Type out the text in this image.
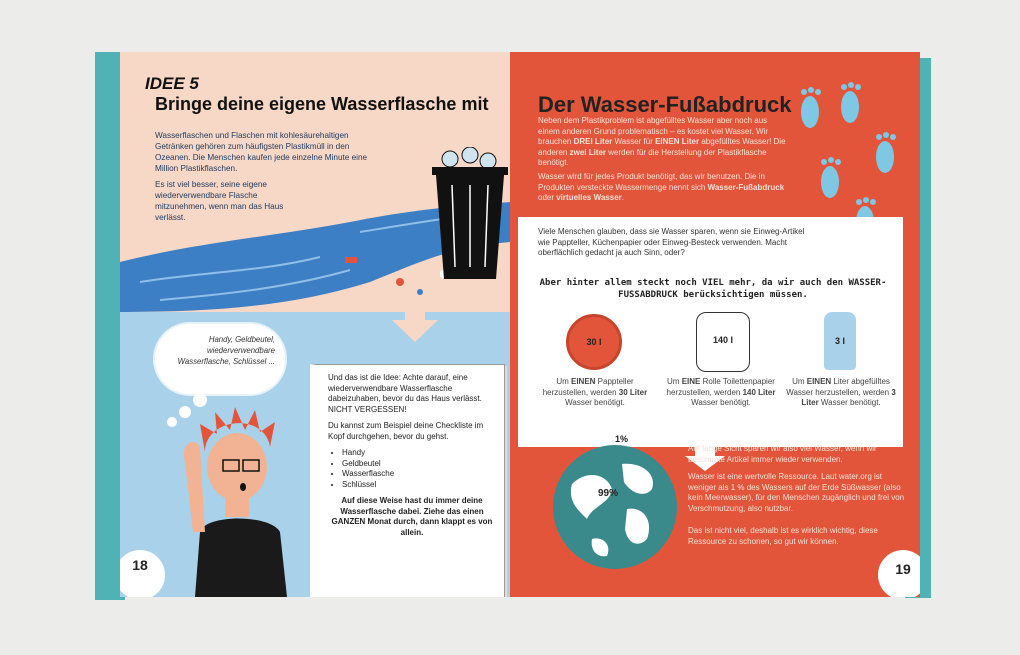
IDEE 5
Bringe deine eigene Wasserflasche mit
Wasserflaschen und Flaschen mit kohlesäurehaltigen Getränken gehören zum häufigsten Plastikmüll in den Ozeanen. Die Menschen kaufen jede einzelne Minute eine Million Plastikflaschen.
Es ist viel besser, seine eigene wiederverwendbare Flasche mitzunehmen, wenn man das Haus verlässt.
Handy, Geldbeutel, wiederverwendbare Wasserflasche, Schlüssel ...

Und das ist die Idee: Achte darauf, eine wiederverwendbare Wasserflasche dabeizuhaben, bevor du das Haus verlässt. NICHT VERGESSEN!

Du kannst zum Beispiel deine Checkliste im Kopf durchgehen, bevor du gehst.

• Handy
• Geldbeutel
• Wasserflasche
• Schlüssel

Auf diese Weise hast du immer deine Wasserflasche dabei. Ziehe das einen GANZEN Monat durch, dann klappt es von allein.

18
Der Wasser-Fußabdruck
Neben dem Plastikproblem ist abgefülltes Wasser aber noch aus einem anderen Grund problematisch – es kostet viel Wasser. Wir brauchen DREI Liter Wasser für EINEN Liter abgefülltes Wasser! Die anderen zwei Liter werden für die Herstellung der Plastikflasche benötigt.
Wasser wird für jedes Produkt benötigt, das wir benutzen. Die in Produkten versteckte Wassermenge nennt sich Wasser-Fußabdruck oder virtuelles Wasser.
Viele Menschen glauben, dass sie Wasser sparen, wenn sie Einweg-Artikel wie Pappteller, Küchenpapier oder Einweg-Besteck verwenden. Macht oberflächlich gedacht ja auch Sinn, oder?
Aber hinter allem steckt noch VIEL mehr, da wir auch den WASSER-FUSSABDRUCK berücksichtigen müssen.
30 l	140 l	3 l
Um EINEN Pappteller herzustellen, werden 30 Liter Wasser benötigt.
Um EINE Rolle Toilettenpapier herzustellen, werden 140 Liter Wasser benötigt.
Um EINEN Liter abgefülltes Wasser herzustellen, werden 3 Liter Wasser benötigt.
1%
99%
Auf lange Sicht sparen wir also viel Wasser, wenn wir bestimmte Artikel immer wieder verwenden.
Wasser ist eine wertvolle Ressource. Laut water.org ist weniger als 1 % des Wassers auf der Erde Süßwasser (also kein Meerwasser), für den Menschen zugänglich und frei von Verschmutzung, also nutzbar.
Das ist nicht viel, deshalb ist es wirklich wichtig, diese Ressource zu schonen, so gut wir können.
19
